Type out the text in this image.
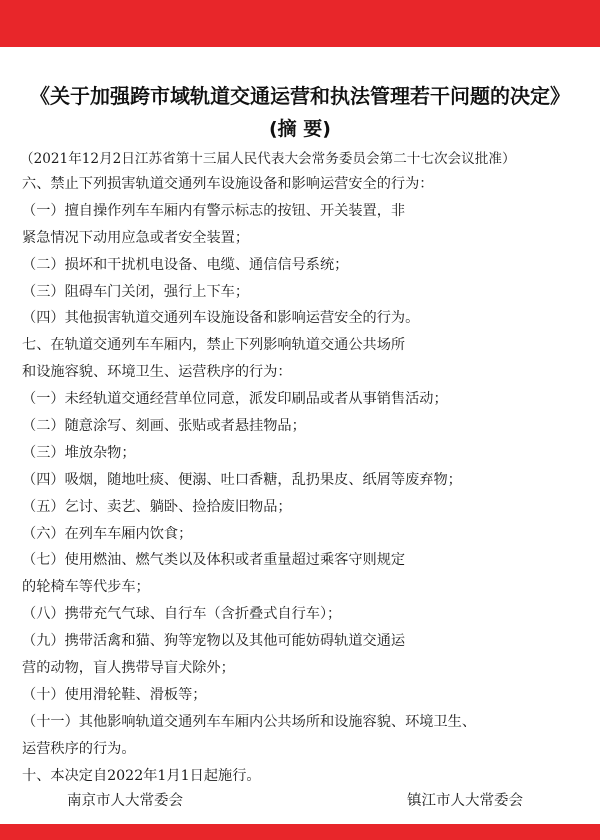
《关于加强跨市域轨道交通运营和执法管理若干问题的决定》
(摘 要)
（2021年12月2日江苏省第十三届人民代表大会常务委员会第二十七次会议批准）
六、禁止下列损害轨道交通列车设施设备和影响运营安全的行为：
（一）擅自操作列车车厢内有警示标志的按钮、开关装置，非
紧急情况下动用应急或者安全装置；
（二）损坏和干扰机电设备、电缆、通信信号系统；
（三）阻碍车门关闭，强行上下车；
（四）其他损害轨道交通列车设施设备和影响运营安全的行为。
七、在轨道交通列车车厢内，禁止下列影响轨道交通公共场所
和设施容貌、环境卫生、运营秩序的行为：
（一）未经轨道交通经营单位同意，派发印刷品或者从事销售活动；
（二）随意涂写、刻画、张贴或者悬挂物品；
（三）堆放杂物；
（四）吸烟，随地吐痰、便溺、吐口香糖，乱扔果皮、纸屑等废弃物；
（五）乞讨、卖艺、躺卧、捡拾废旧物品；
（六）在列车车厢内饮食；
（七）使用燃油、燃气类以及体积或者重量超过乘客守则规定
的轮椅车等代步车；
（八）携带充气气球、自行车（含折叠式自行车）；
（九）携带活禽和猫、狗等宠物以及其他可能妨碍轨道交通运
营的动物，盲人携带导盲犬除外；
（十）使用滑轮鞋、滑板等；
（十一）其他影响轨道交通列车车厢内公共场所和设施容貌、环境卫生、
运营秩序的行为。
十、本决定自2022年1月1日起施行。
南京市人大常委会	镇江市人大常委会
